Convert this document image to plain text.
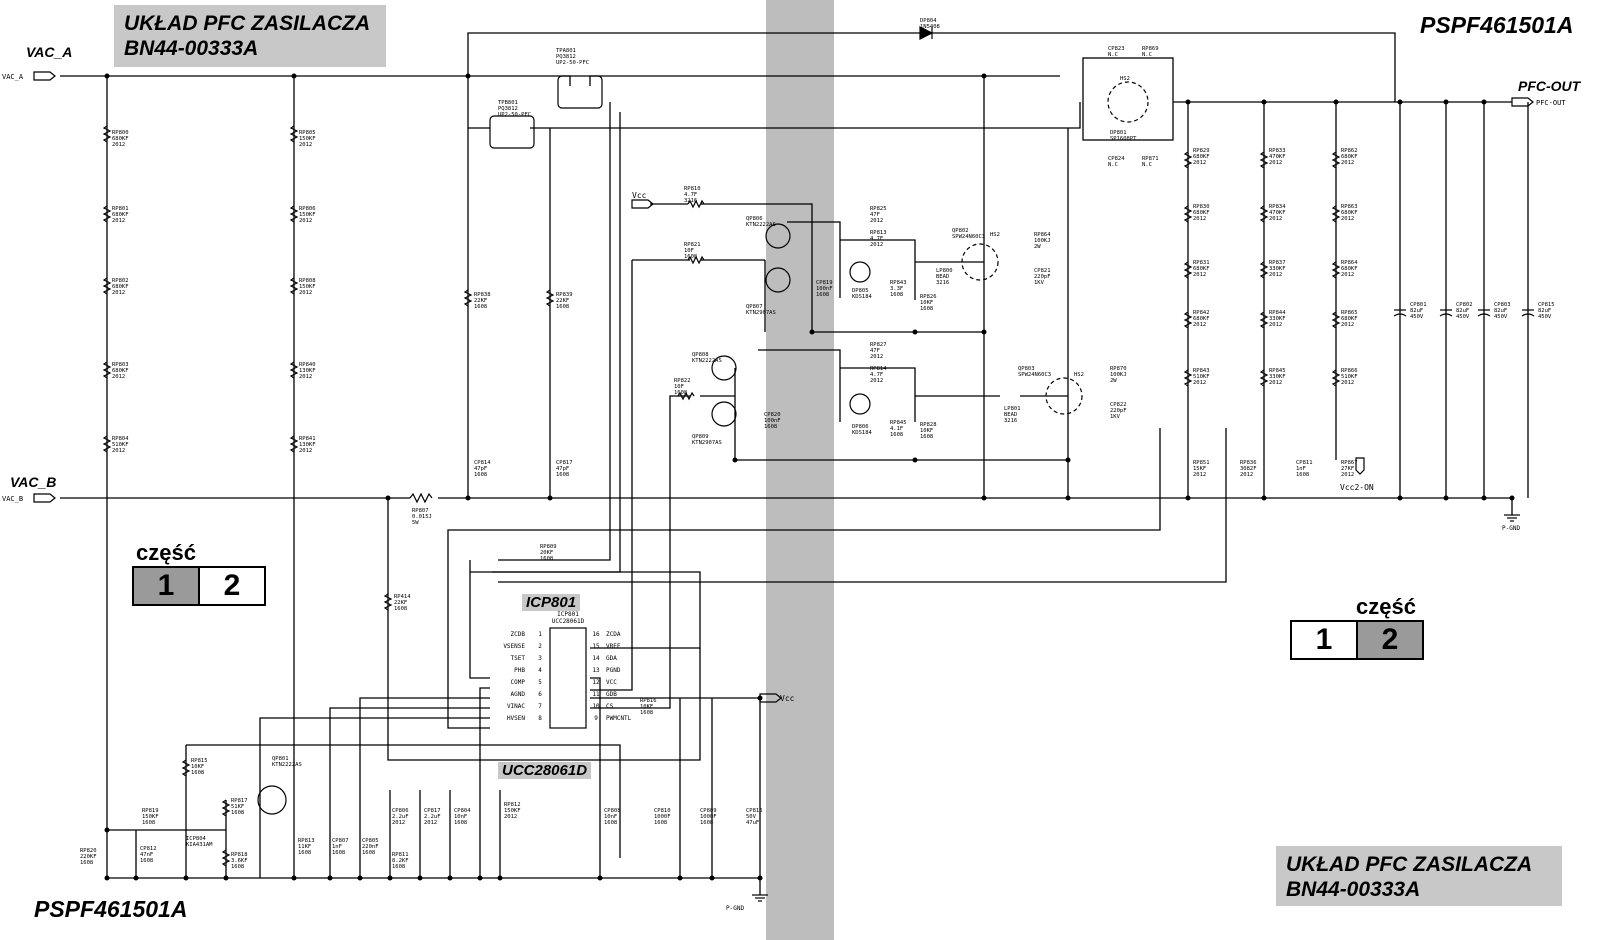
RP800
680KF
2012
RP801
680KF
2012
RP802
680KF
2012
RP803
680KF
2012
RP804
510KF
2012
RP805
150KF
2012
RP806
150KF
2012
RP808
150KF
2012
RP840
130KF
2012
RP841
130KF
2012
RP838
22KF
1608
RP839
22KF
1608
CP814
47pF
1608
CP817
47pF
1608
RP807
0.015J
5W
RP809
20KF
1608
RP414
22KF
1608
TPA801
PQ3812
UP2-50-PFC
TPB801
PQ3812
UP2-50-PFC
DP804
1N5408
CP823
N.C
RP869
N.C
CP824
N.C
RP871
N.C
HS2
DP801
SP1608PT
RP810
4.7F
3216
RP821
10F
1608
QP806
KTN2222AS
QP807
KTN2907AS
CP819
100nF
1608
RP825
47F
2012
RP813
4.7F
2012
DP805
KDS184
RP843
3.3F
1608
LP800
BEAD
3216
RP826
10KF
1608
QP802
SPW24N60C3 HS2	RP864
100KJ
2W
CP821
220pF
1KV
QP808
KTN2222AS
QP809
KTN2907AS
RP822
10F
1608
CP820
100nF
1608
RP827
47F
2012
RP814
4.7F
2012
DP806
KDS184
RP845
4.1F
1608
LP801
BEAD
3216
RP828
10KF
1608
QP803
SPW24N60C3	HS2
RP870
100KJ
2W
CP822
220pF
1KV
RP829
680KF
2012
RP830
680KF
2012
RP831
680KF
2012
RP842
680KF
2012
RP843
510KF
2012
RP851
15KF
2012
RP833
470KF
2012
RP834
470KF
2012
RP837
330KF
2012
RP844
330KF
2012
RP845
330KF
2012
RP836
3082F
2012
CP811
1nF
1608
RP862
680KF
2012
RP863
680KF
2012
RP864
680KF
2012
RP865
680KF
2012
RP866
510KF
2012
RP867
27KF
2012
CP801
82uF
450V
CP802
82uF
450V
CP803
82uF
450V
CP815
82uF
450V
RP815
10KF
1608
RP819
150KF
1608
ICP804
KIA431AM
RP817
51KF
1608
RP818
3.6KF
1608
QP801
KTN2222AS
RP820
220KF
1608
CP812
47nF
1608
RP813
11KF
1608
CP807
1nF
1608
CP805
220nF
1608
CP806
2.2uF
2012
CP817
2.2uF
2012
RP811
8.2KF
1608
CP804
10nF
1608
RP812
150KF
2012
CP808
10nF
1608
CP810
1000F
1608
CP809
1000F
1608
CP816
50V
47uF
RP816
10KF
1608
ICP801
UCC28061D
ZCDB 1
VSENSE 2
TSET 3
PHB 4
COMP 5
AGND 6
VINAC 7
HVSEN 8
16 ZCDA
15 VREF
14 GDA
13 PGND
12 VCC
11 GDB
10 CS
9 PWMCNTL
VAC_A
VAC_B
PFC-OUT
Vcc
Vcc
Vcc2-ON
P-GND
P-GND
UKŁAD PFC ZASILACZA
BN44-00333A
UKŁAD PFC ZASILACZA
BN44-00333A
PSPF461501A
PSPF461501A
VAC_A
VAC_B
PFC-OUT
ICP801
UCC28061D
część
1	2
część
1	2
